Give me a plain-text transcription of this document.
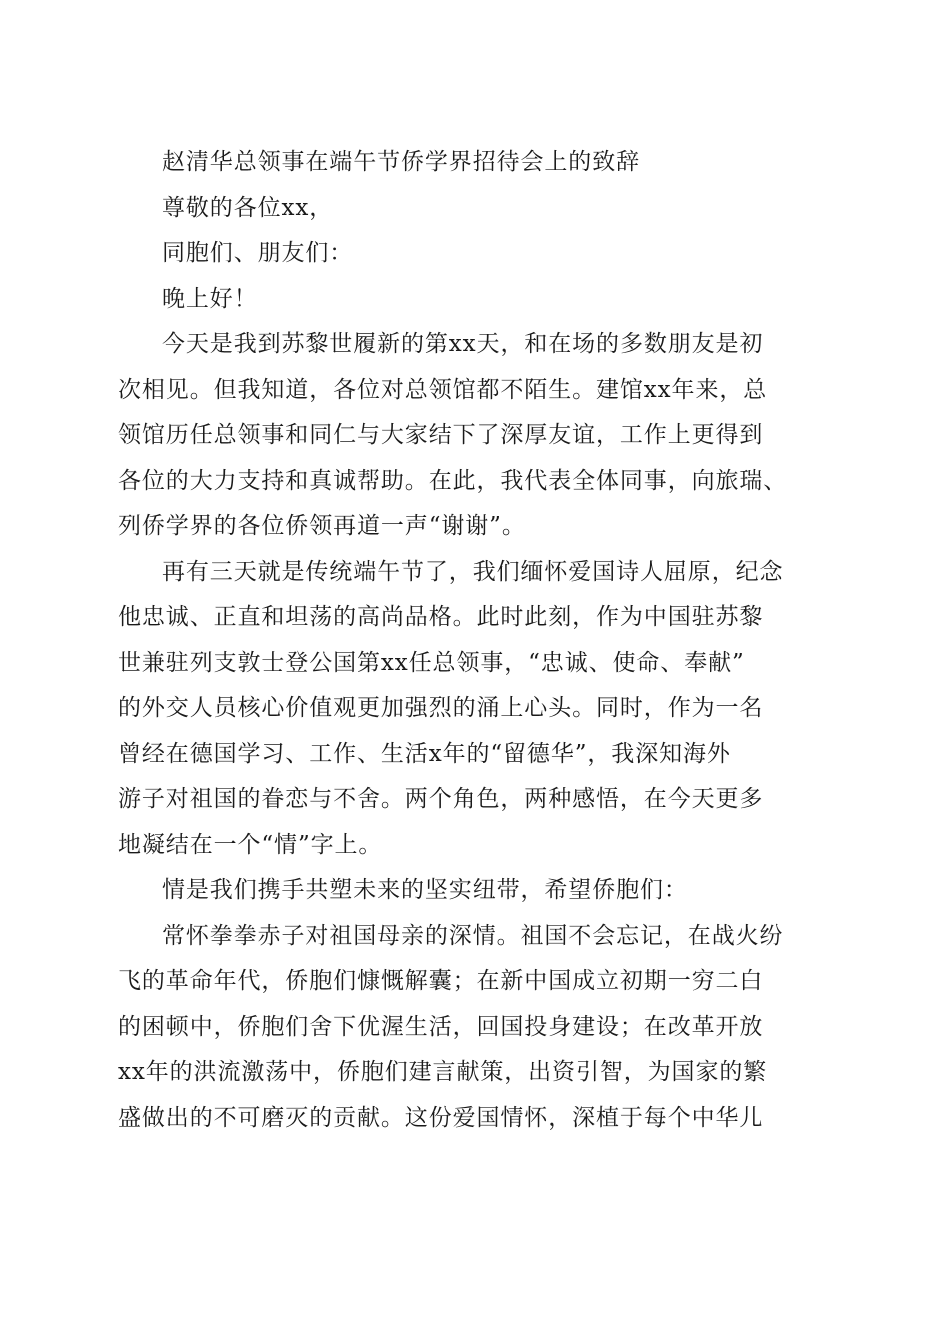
赵清华总领事在端午节侨学界招待会上的致辞
尊敬的各位xx，
同胞们、朋友们：
晚上好！
今天是我到苏黎世履新的第xx天，和在场的多数朋友是初
次相见。但我知道，各位对总领馆都不陌生。建馆xx年来，总
领馆历任总领事和同仁与大家结下了深厚友谊，工作上更得到
各位的大力支持和真诚帮助。在此，我代表全体同事，向旅瑞、
列侨学界的各位侨领再道一声“谢谢”。
再有三天就是传统端午节了，我们缅怀爱国诗人屈原，纪念
他忠诚、正直和坦荡的高尚品格。此时此刻，作为中国驻苏黎
世兼驻列支敦士登公国第xx任总领事，“忠诚、使命、奉献”
的外交人员核心价值观更加强烈的涌上心头。同时，作为一名
曾经在德国学习、工作、生活x年的“留德华”，我深知海外
游子对祖国的眷恋与不舍。两个角色，两种感悟，在今天更多
地凝结在一个“情”字上。
情是我们携手共塑未来的坚实纽带，希望侨胞们：
常怀拳拳赤子对祖国母亲的深情。祖国不会忘记，在战火纷
飞的革命年代，侨胞们慷慨解囊；在新中国成立初期一穷二白
的困顿中，侨胞们舍下优渥生活，回国投身建设；在改革开放
xx年的洪流激荡中，侨胞们建言献策，出资引智，为国家的繁
盛做出的不可磨灭的贡献。这份爱国情怀，深植于每个中华儿
